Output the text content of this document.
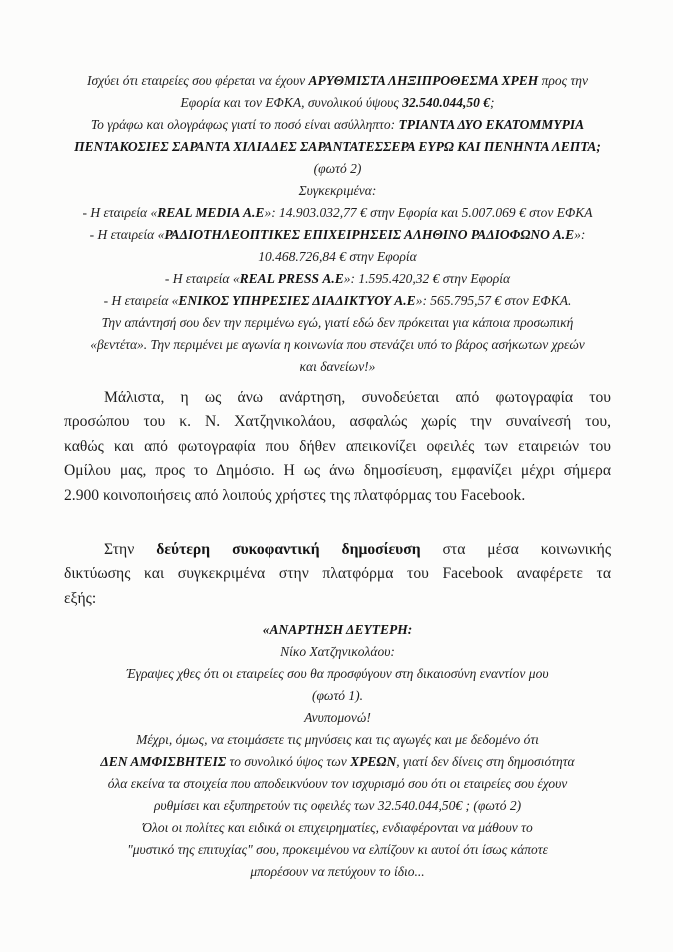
Ισχύει ότι εταιρείες σου φέρεται να έχουν ΑΡΥΘΜΙΣΤΑ ΛΗΞΙΠΡΟΘΕΣΜΑ ΧΡΕΗ προς την
Εφορία και τον ΕΦΚΑ, συνολικού ύψους 32.540.044,50 €;
Το γράφω και ολογράφως γιατί το ποσό είναι ασύλληπτο: ΤΡΙΑΝΤΑ ΔΥΟ ΕΚΑΤΟΜΜΥΡΙΑ
ΠΕΝΤΑΚΟΣΙΕΣ ΣΑΡΑΝΤΑ ΧΙΛΙΑΔΕΣ ΣΑΡΑΝΤΑΤΕΣΣΕΡΑ ΕΥΡΩ ΚΑΙ ΠΕΝΗΝΤΑ ΛΕΠΤΑ;
(φωτό 2)
Συγκεκριμένα:
- Η εταιρεία «REAL MEDIA Α.Ε»: 14.903.032,77 € στην Εφορία και 5.007.069 € στον ΕΦΚΑ
- Η εταιρεία «ΡΑΔΙΟΤΗΛΕΟΠΤΙΚΕΣ ΕΠΙΧΕΙΡΗΣΕΙΣ ΑΛΗΘΙΝΟ ΡΑΔΙΟΦΩΝΟ Α.Ε»:
10.468.726,84 € στην Εφορία
- Η εταιρεία «REAL PRESS Α.Ε»: 1.595.420,32 € στην Εφορία
- Η εταιρεία «ΕΝΙΚΟΣ ΥΠΗΡΕΣΙΕΣ ΔΙΑΔΙΚΤΥΟΥ Α.Ε»: 565.795,57 € στον ΕΦΚΑ.
Την απάντησή σου δεν την περιμένω εγώ, γιατί εδώ δεν πρόκειται για κάποια προσωπική
«βεντέτα». Την περιμένει με αγωνία η κοινωνία που στενάζει υπό το βάρος ασήκωτων χρεών
και δανείων!»
Μάλιστα, η ως άνω ανάρτηση, συνοδεύεται από φωτογραφία του
προσώπου του κ. Ν. Χατζηνικολάου, ασφαλώς χωρίς την συναίνεσή του,
καθώς και από φωτογραφία που δήθεν απεικονίζει οφειλές των εταιρειών του
Ομίλου μας, προς το Δημόσιο. Η ως άνω δημοσίευση, εμφανίζει μέχρι σήμερα
2.900 κοινοποιήσεις από λοιπούς χρήστες της πλατφόρμας του Facebook.
Στην δεύτερη συκοφαντική δημοσίευση στα μέσα κοινωνικής
δικτύωσης και συγκεκριμένα στην πλατφόρμα του Facebook αναφέρετε τα
εξής:
«ΑΝΑΡΤΗΣΗ ΔΕΥΤΕΡΗ:
Νίκο Χατζηνικολάου:
Έγραψες χθες ότι οι εταιρείες σου θα προσφύγουν στη δικαιοσύνη εναντίον μου
(φωτό 1).
Ανυπομονώ!
Μέχρι, όμως, να ετοιμάσετε τις μηνύσεις και τις αγωγές και με δεδομένο ότι
ΔΕΝ ΑΜΦΙΣΒΗΤΕΙΣ το συνολικό ύψος των ΧΡΕΩΝ, γιατί δεν δίνεις στη δημοσιότητα
όλα εκείνα τα στοιχεία που αποδεικνύουν τον ισχυρισμό σου ότι οι εταιρείες σου έχουν
ρυθμίσει και εξυπηρετούν τις οφειλές των 32.540.044,50€ ; (φωτό 2)
Όλοι οι πολίτες και ειδικά οι επιχειρηματίες, ενδιαφέρονται να μάθουν το
"μυστικό της επιτυχίας" σου, προκειμένου να ελπίζουν κι αυτοί ότι ίσως κάποτε
μπορέσουν να πετύχουν το ίδιο...
